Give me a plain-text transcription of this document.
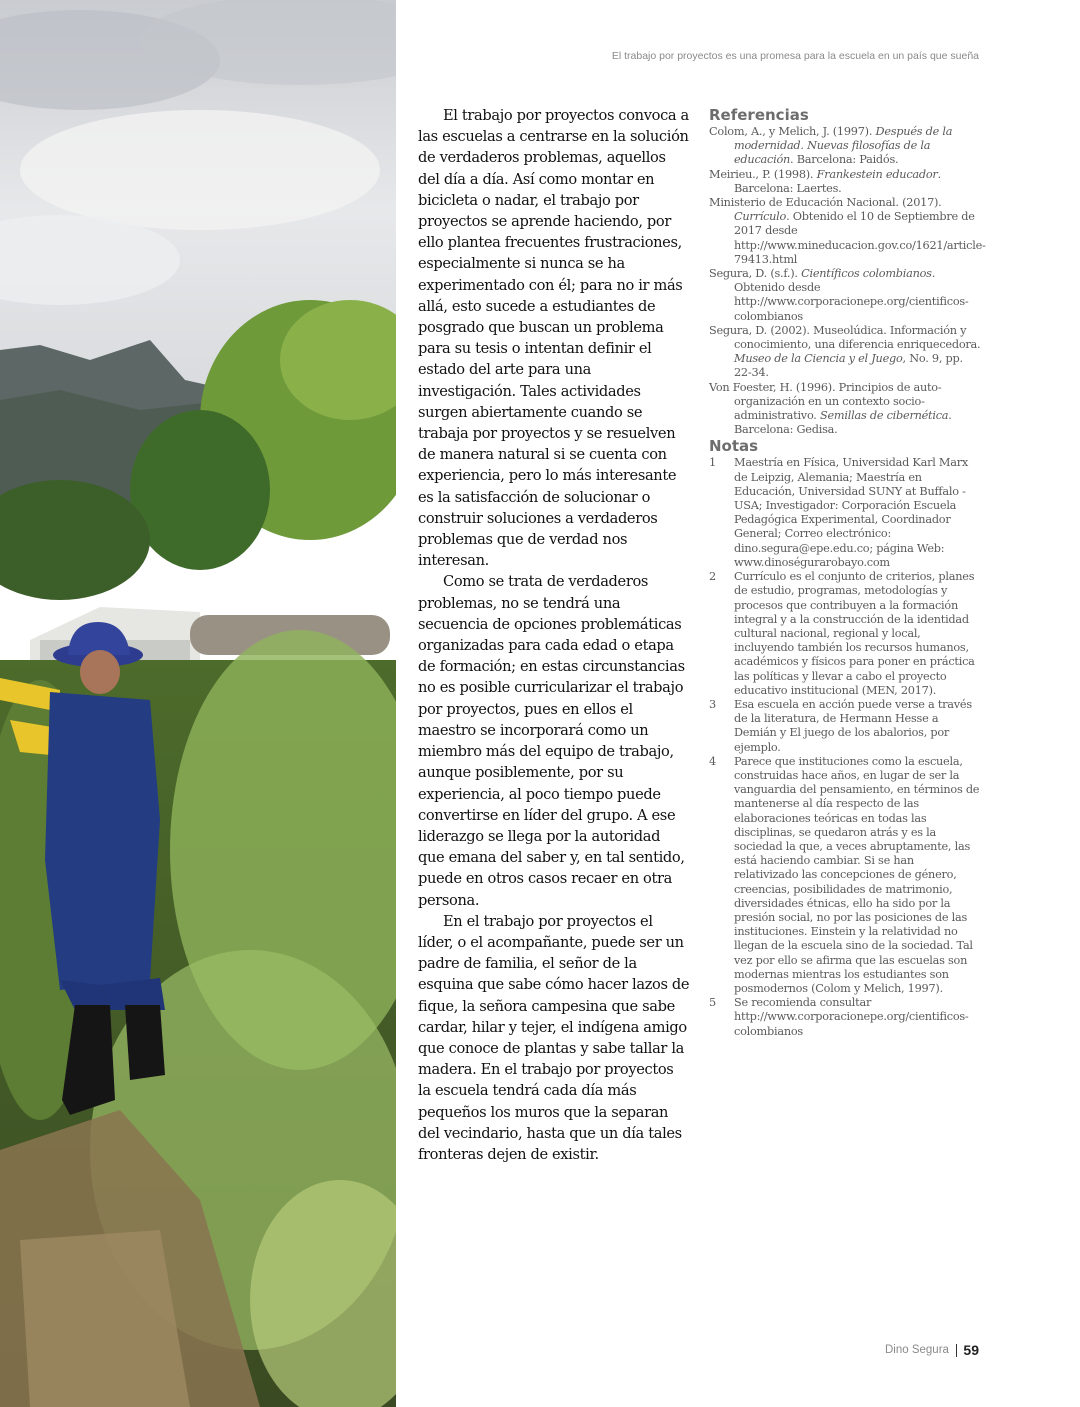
El trabajo por proyectos es una promesa para la escuela en un país que sueña

El trabajo por proyectos convoca a las escuelas a centrarse en la solución de verdaderos problemas, aquellos del día a día. Así como montar en bicicleta o nadar, el trabajo por proyectos se aprende haciendo, por ello plantea frecuentes frustraciones, especialmente si nunca se ha experimentado con él; para no ir más allá, esto sucede a estudiantes de posgrado que buscan un problema para su tesis o intentan definir el estado del arte para una investigación. Tales actividades surgen abiertamente cuando se trabaja por proyectos y se resuelven de manera natural si se cuenta con experiencia, pero lo más interesante es la satisfacción de solucionar o construir soluciones a verdaderos problemas que de verdad nos interesan.

Como se trata de verdaderos problemas, no se tendrá una secuencia de opciones problemáticas organizadas para cada edad o etapa de formación; en estas circunstancias no es posible curricularizar el trabajo por proyectos, pues en ellos el maestro se incorporará como un miembro más del equipo de trabajo, aunque posiblemente, por su experiencia, al poco tiempo puede convertirse en líder del grupo. A ese liderazgo se llega por la autoridad que emana del saber y, en tal sentido, puede en otros casos recaer en otra persona.

En el trabajo por proyectos el líder, o el acompañante, puede ser un padre de familia, el señor de la esquina que sabe cómo hacer lazos de fique, la señora campesina que sabe cardar, hilar y tejer, el indígena amigo que conoce de plantas y sabe tallar la madera. En el trabajo por proyectos la escuela tendrá cada día más pequeños los muros que la separan del vecindario, hasta que un día tales fronteras dejen de existir.

Referencias
Colom, A., y Melich, J. (1997). Después de la modernidad. Nuevas filosofías de la educación. Barcelona: Paidós.
Meirieu., P. (1998). Frankestein educador. Barcelona: Laertes.
Ministerio de Educación Nacional. (2017). Currículo. Obtenido el 10 de Septiembre de 2017 desde http://www.mineducacion.gov.co/1621/article-79413.html
Segura, D. (s.f.). Científicos colombianos. Obtenido desde http://www.corporacionepe.org/cientificos-colombianos
Segura, D. (2002). Museolúdica. Información y conocimiento, una diferencia enriquecedora. Museo de la Ciencia y el Juego, No. 9, pp. 22-34.
Von Foester, H. (1996). Principios de auto-organización en un contexto socio-administrativo. Semillas de cibernética. Barcelona: Gedisa.
Notas
1	Maestría en Física, Universidad Karl Marx de Leipzig, Alemania; Maestría en Educación, Universidad SUNY at Buffalo - USA; Investigador: Corporación Escuela Pedagógica Experimental, Coordinador General; Correo electrónico: dino.segura@epe.edu.co; página Web: www.dinoségurarobayo.com
2	Currículo es el conjunto de criterios, planes de estudio, programas, metodologías y procesos que contribuyen a la formación integral y a la construcción de la identidad cultural nacional, regional y local, incluyendo también los recursos humanos, académicos y físicos para poner en práctica las políticas y llevar a cabo el proyecto educativo institucional (MEN, 2017).
3	Esa escuela en acción puede verse a través de la literatura, de Hermann Hesse a Demián y El juego de los abalorios, por ejemplo.
4	Parece que instituciones como la escuela, construidas hace años, en lugar de ser la vanguardia del pensamiento, en términos de mantenerse al día respecto de las elaboraciones teóricas en todas las disciplinas, se quedaron atrás y es la sociedad la que, a veces abruptamente, las está haciendo cambiar. Si se han relativizado las concepciones de género, creencias, posibilidades de matrimonio, diversidades étnicas, ello ha sido por la presión social, no por las posiciones de las instituciones. Einstein y la relatividad no llegan de la escuela sino de la sociedad. Tal vez por ello se afirma que las escuelas son modernas mientras los estudiantes son posmodernos (Colom y Melich, 1997).
5	Se recomienda consultar http://www.corporacionepe.org/cientificos-colombianos
Dino Segura 59
